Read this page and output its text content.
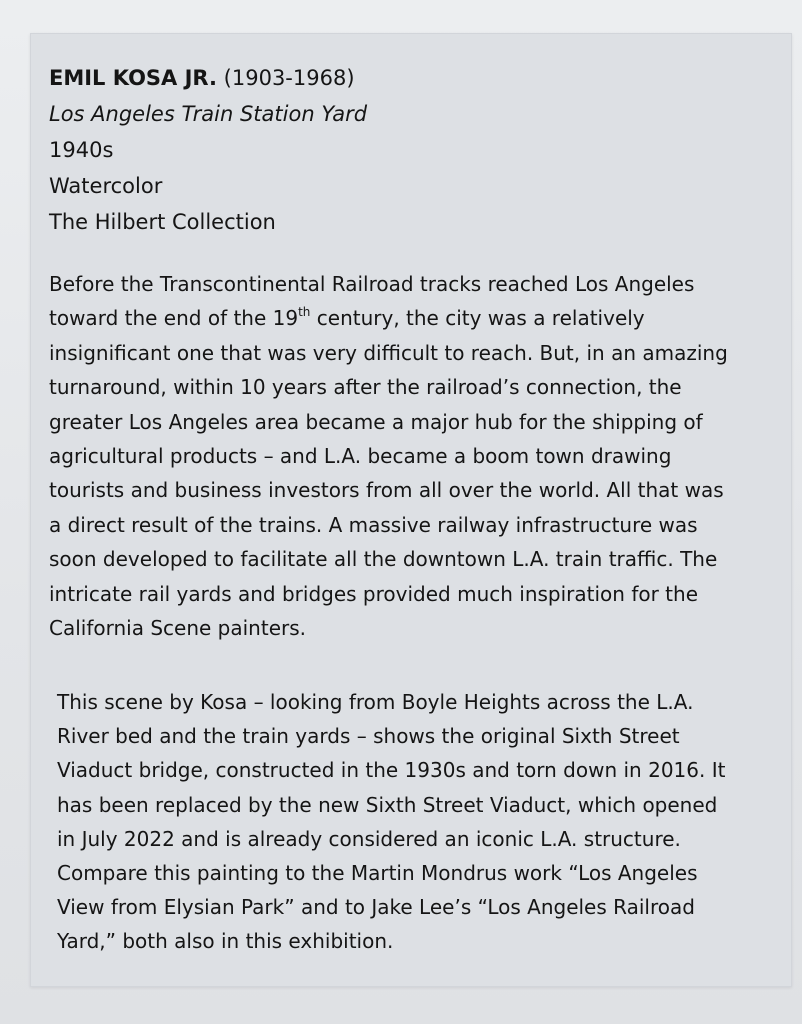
EMIL KOSA JR. (1903-1968)
Los Angeles Train Station Yard
1940s
Watercolor
The Hilbert Collection
Before the Transcontinental Railroad tracks reached Los Angeles
toward the end of the 19th century, the city was a relatively
insignificant one that was very difficult to reach. But, in an amazing
turnaround, within 10 years after the railroad’s connection, the
greater Los Angeles area became a major hub for the shipping of
agricultural products – and L.A. became a boom town drawing
tourists and business investors from all over the world. All that was
a direct result of the trains. A massive railway infrastructure was
soon developed to facilitate all the downtown L.A. train traffic. The
intricate rail yards and bridges provided much inspiration for the
California Scene painters.
This scene by Kosa – looking from Boyle Heights across the L.A.
River bed and the train yards – shows the original Sixth Street
Viaduct bridge, constructed in the 1930s and torn down in 2016. It
has been replaced by the new Sixth Street Viaduct, which opened
in July 2022 and is already considered an iconic L.A. structure.
Compare this painting to the Martin Mondrus work “Los Angeles
View from Elysian Park” and to Jake Lee’s “Los Angeles Railroad
Yard,” both also in this exhibition.
